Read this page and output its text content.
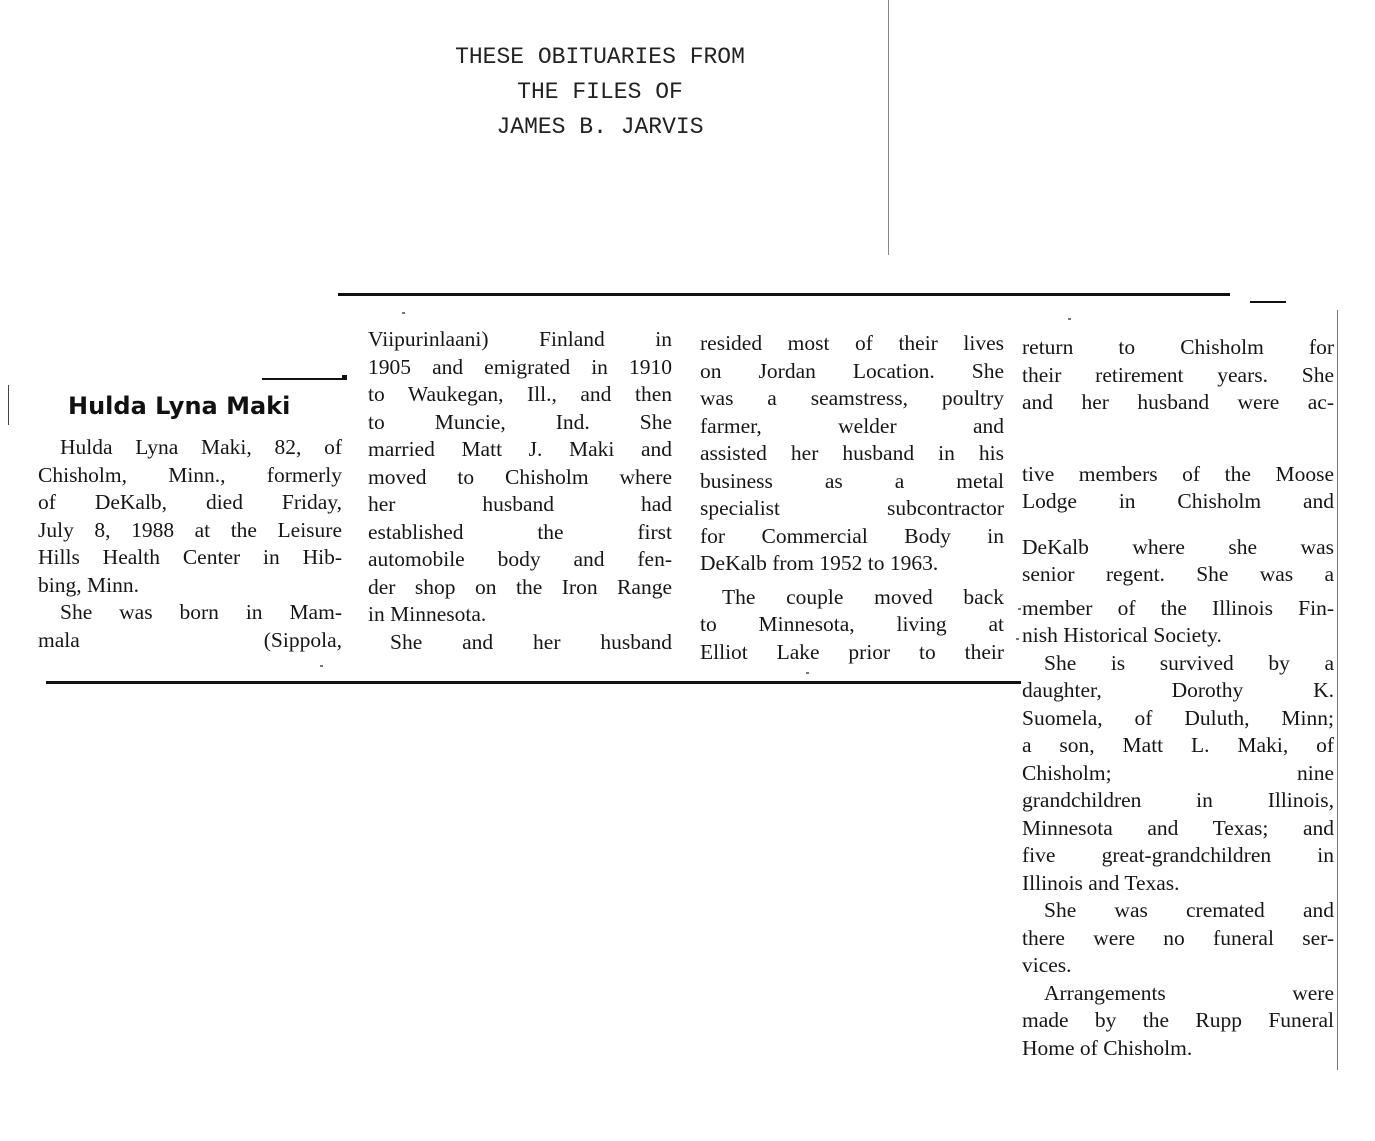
THESE OBITUARIES FROM
THE FILES OF
JAMES B. JARVIS
Hulda Lyna Maki
Hulda Lyna Maki, 82, of
Chisholm, Minn., formerly
of DeKalb, died Friday,
July 8, 1988 at the Leisure
Hills Health Center in Hib-
bing, Minn.
She was born in Mam-
mala (Sippola,
Viipurinlaani) Finland in
1905 and emigrated in 1910
to Waukegan, Ill., and then
to Muncie, Ind. She
married Matt J. Maki and
moved to Chisholm where
her husband had
established the first
automobile body and fen-
der shop on the Iron Range
in Minnesota.
She and her husband
resided most of their lives
on Jordan Location. She
was a seamstress, poultry
farmer, welder and
assisted her husband in his
business as a metal
specialist subcontractor
for Commercial Body in
DeKalb from 1952 to 1963.
The couple moved back
to Minnesota, living at
Elliot Lake prior to their
return to Chisholm for
their retirement years. She
and her husband were ac-
tive members of the Moose
Lodge in Chisholm and
DeKalb where she was
senior regent. She was a
member of the Illinois Fin-
nish Historical Society.
She is survived by a
daughter, Dorothy K.
Suomela, of Duluth, Minn;
a son, Matt L. Maki, of
Chisholm; nine
grandchildren in Illinois,
Minnesota and Texas; and
five great-grandchildren in
Illinois and Texas.
She was cremated and
there were no funeral ser-
vices.
Arrangements were
made by the Rupp Funeral
Home of Chisholm.
